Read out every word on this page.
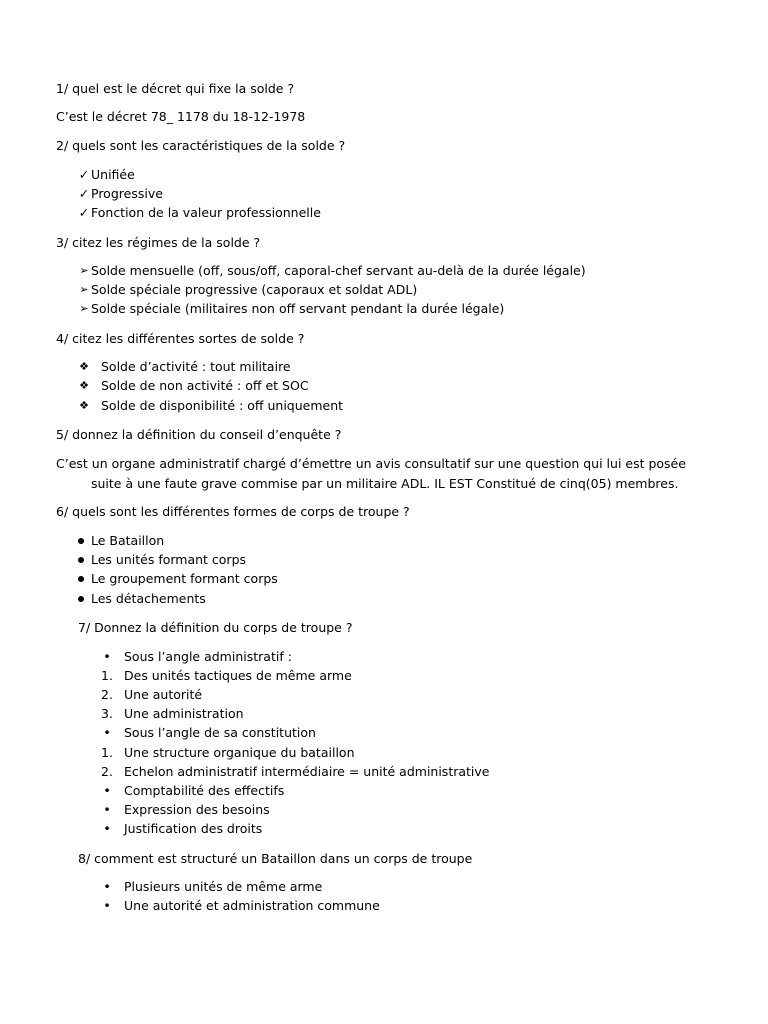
1/ quel est le décret qui fixe la solde ?
C’est le décret 78_ 1178 du 18-12-1978
2/ quels sont les caractéristiques de la solde ?
✓ Unifiée
✓ Progressive
✓ Fonction de la valeur professionnelle
3/ citez les régimes de la solde ?
➢ Solde mensuelle (off, sous/off, caporal-chef servant au-delà de la durée légale)
➢ Solde spéciale progressive (caporaux et soldat ADL)
➢ Solde spéciale (militaires non off servant pendant la durée légale)
4/ citez les différentes sortes de solde ?
❖ Solde d’activité : tout militaire
❖ Solde de non activité : off et SOC
❖ Solde de disponibilité : off uniquement
5/ donnez la définition du conseil d’enquête ?
C’est un organe administratif chargé d’émettre un avis consultatif sur une question qui lui est posée
suite à une faute grave commise par un militaire ADL. IL EST Constitué de cinq(05) membres.
6/ quels sont les différentes formes de corps de troupe ?
Le Bataillon
Les unités formant corps
Le groupement formant corps
Les détachements
7/ Donnez la définition du corps de troupe ?
• Sous l’angle administratif :
1. Des unités tactiques de même arme
2. Une autorité
3. Une administration
• Sous l’angle de sa constitution
1. Une structure organique du bataillon
2. Echelon administratif intermédiaire = unité administrative
• Comptabilité des effectifs
• Expression des besoins
• Justification des droits
8/ comment est structuré un Bataillon dans un corps de troupe
• Plusieurs unités de même arme
• Une autorité et administration commune
